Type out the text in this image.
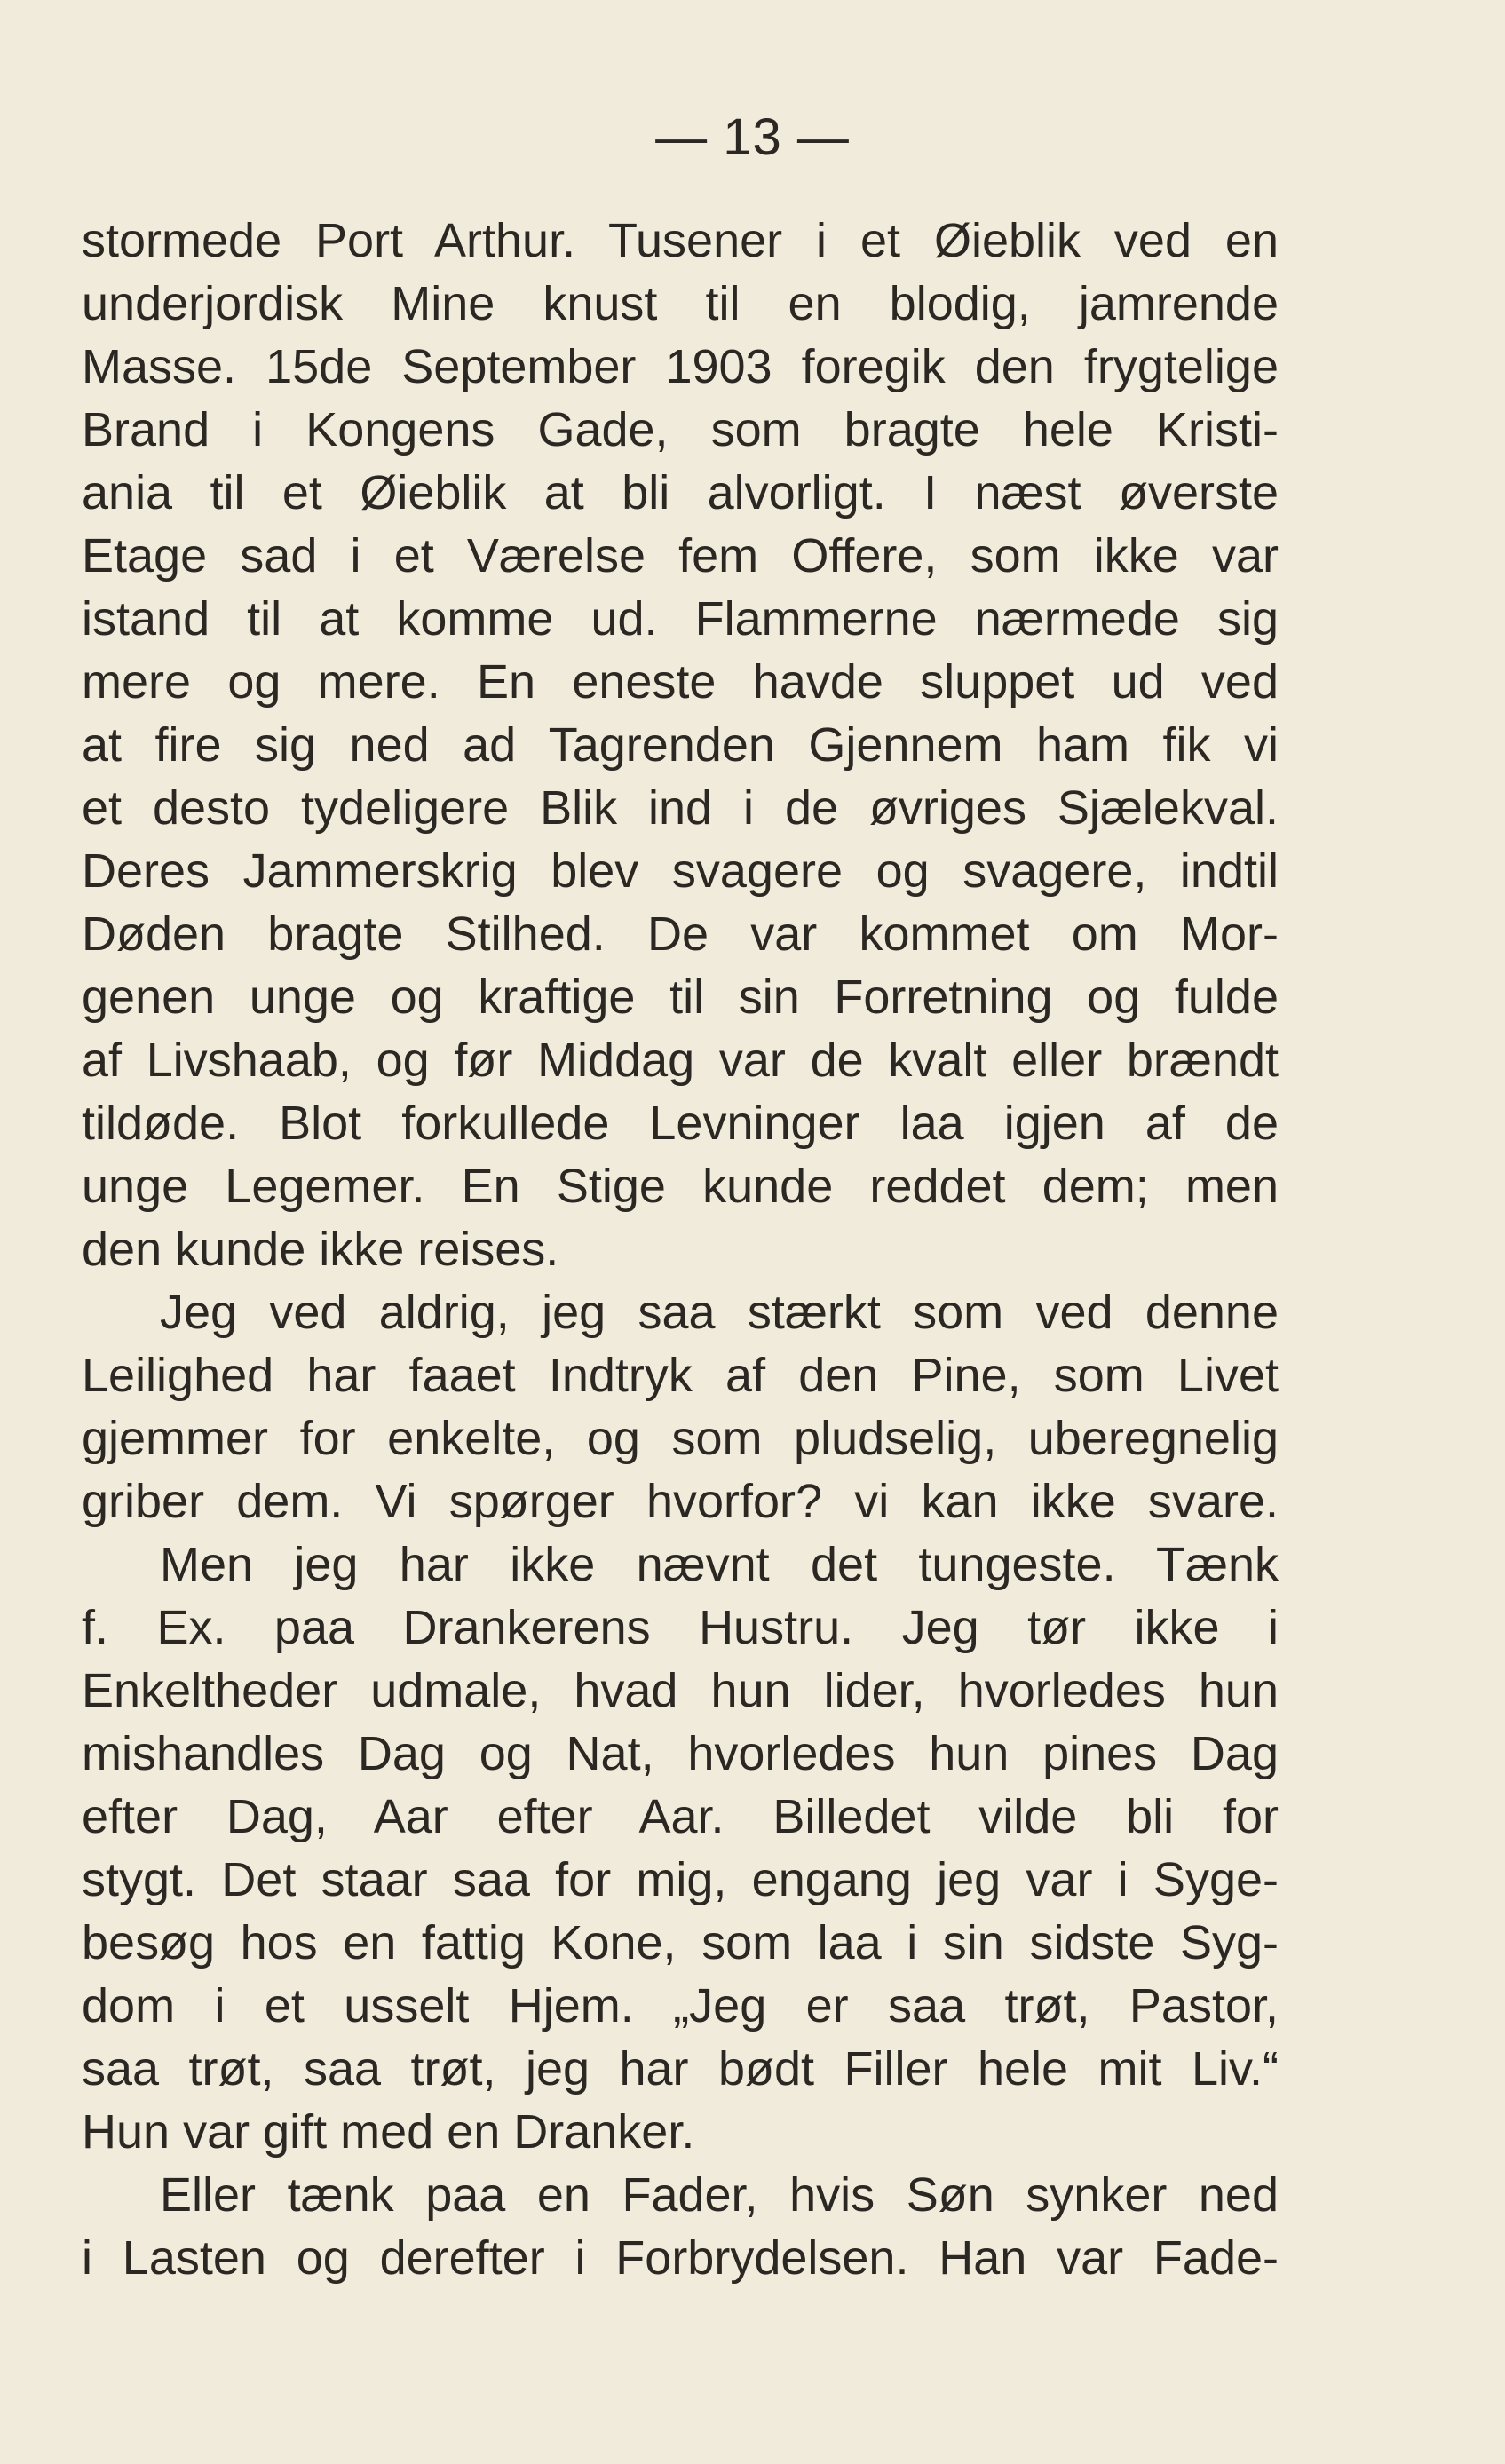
— 13 —
stormede Port Arthur. Tusener i et Øieblik ved en
underjordisk Mine knust til en blodig, jamrende
Masse. 15de September 1903 foregik den frygtelige
Brand i Kongens Gade, som bragte hele Kristi-
ania til et Øieblik at bli alvorligt. I næst øverste
Etage sad i et Værelse fem Offere, som ikke var
istand til at komme ud. Flammerne nærmede sig
mere og mere. En eneste havde sluppet ud ved
at fire sig ned ad Tagrenden Gjennem ham fik vi
et desto tydeligere Blik ind i de øvriges Sjælekval.
Deres Jammerskrig blev svagere og svagere, indtil
Døden bragte Stilhed. De var kommet om Mor-
genen unge og kraftige til sin Forretning og fulde
af Livshaab, og før Middag var de kvalt eller brændt
tildøde. Blot forkullede Levninger laa igjen af de
unge Legemer. En Stige kunde reddet dem; men
den kunde ikke reises.
Jeg ved aldrig, jeg saa stærkt som ved denne
Leilighed har faaet Indtryk af den Pine, som Livet
gjemmer for enkelte, og som pludselig, uberegnelig
griber dem. Vi spørger hvorfor? vi kan ikke svare.
Men jeg har ikke nævnt det tungeste. Tænk
f. Ex. paa Drankerens Hustru. Jeg tør ikke i
Enkeltheder udmale, hvad hun lider, hvorledes hun
mishandles Dag og Nat, hvorledes hun pines Dag
efter Dag, Aar efter Aar. Billedet vilde bli for
stygt. Det staar saa for mig, engang jeg var i Syge-
besøg hos en fattig Kone, som laa i sin sidste Syg-
dom i et usselt Hjem. „Jeg er saa trøt, Pastor,
saa trøt, saa trøt, jeg har bødt Filler hele mit Liv.“
Hun var gift med en Dranker.
Eller tænk paa en Fader, hvis Søn synker ned
i Lasten og derefter i Forbrydelsen. Han var Fade-
